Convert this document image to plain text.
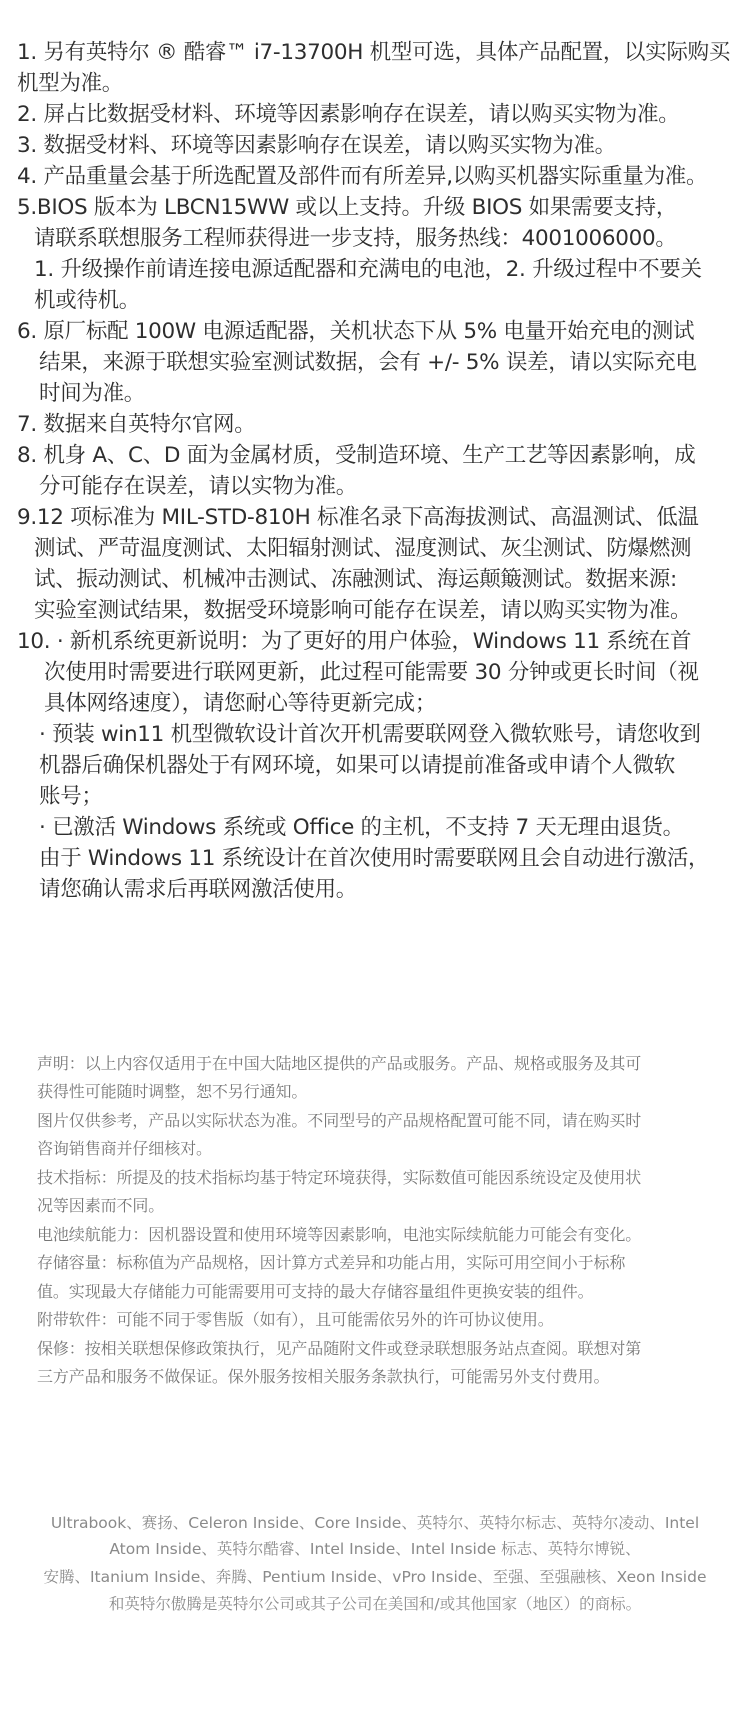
1. 另有英特尔 ® 酷睿™ i7-13700H 机型可选，具体产品配置，以实际购买
机型为准。
2. 屏占比数据受材料、环境等因素影响存在误差，请以购买实物为准。
3. 数据受材料、环境等因素影响存在误差，请以购买实物为准。
4. 产品重量会基于所选配置及部件而有所差异,以购买机器实际重量为准。
5.BIOS 版本为 LBCN15WW 或以上支持。升级 BIOS 如果需要支持，
请联系联想服务工程师获得进一步支持，服务热线：4001006000。
1. 升级操作前请连接电源适配器和充满电的电池，2. 升级过程中不要关
机或待机。
6. 原厂标配 100W 电源适配器，关机状态下从 5% 电量开始充电的测试
结果，来源于联想实验室测试数据，会有 +/- 5% 误差，请以实际充电
时间为准。
7. 数据来自英特尔官网。
8. 机身 A、C、D 面为金属材质，受制造环境、生产工艺等因素影响，成
分可能存在误差，请以实物为准。
9.12 项标准为 MIL-STD-810H 标准名录下高海拔测试、高温测试、低温
测试、严苛温度测试、太阳辐射测试、湿度测试、灰尘测试、防爆燃测
试、振动测试、机械冲击测试、冻融测试、海运颠簸测试。数据来源:
实验室测试结果，数据受环境影响可能存在误差，请以购买实物为准。
10. · 新机系统更新说明：为了更好的用户体验，Windows 11 系统在首
次使用时需要进行联网更新，此过程可能需要 30 分钟或更长时间（视
具体网络速度），请您耐心等待更新完成；
· 预装 win11 机型微软设计首次开机需要联网登入微软账号，请您收到
机器后确保机器处于有网环境，如果可以请提前准备或申请个人微软
账号；
· 已激活 Windows 系统或 Office 的主机，不支持 7 天无理由退货。
由于 Windows 11 系统设计在首次使用时需要联网且会自动进行激活，
请您确认需求后再联网激活使用。
声明：以上内容仅适用于在中国大陆地区提供的产品或服务。产品、规格或服务及其可
获得性可能随时调整，恕不另行通知。
图片仅供参考，产品以实际状态为准。不同型号的产品规格配置可能不同，请在购买时
咨询销售商并仔细核对。
技术指标：所提及的技术指标均基于特定环境获得，实际数值可能因系统设定及使用状
况等因素而不同。
电池续航能力：因机器设置和使用环境等因素影响，电池实际续航能力可能会有变化。
存储容量：标称值为产品规格，因计算方式差异和功能占用，实际可用空间小于标称
值。实现最大存储能力可能需要用可支持的最大存储容量组件更换安装的组件。
附带软件：可能不同于零售版（如有），且可能需依另外的许可协议使用。
保修：按相关联想保修政策执行，见产品随附文件或登录联想服务站点查阅。联想对第
三方产品和服务不做保证。保外服务按相关服务条款执行，可能需另外支付费用。
Ultrabook、赛扬、Celeron Inside、Core Inside、英特尔、英特尔标志、英特尔凌动、Intel
Atom Inside、英特尔酷睿、Intel Inside、Intel Inside 标志、英特尔博锐、
安腾、Itanium Inside、奔腾、Pentium Inside、vPro Inside、至强、至强融核、Xeon Inside
和英特尔傲腾是英特尔公司或其子公司在美国和/或其他国家（地区）的商标。
